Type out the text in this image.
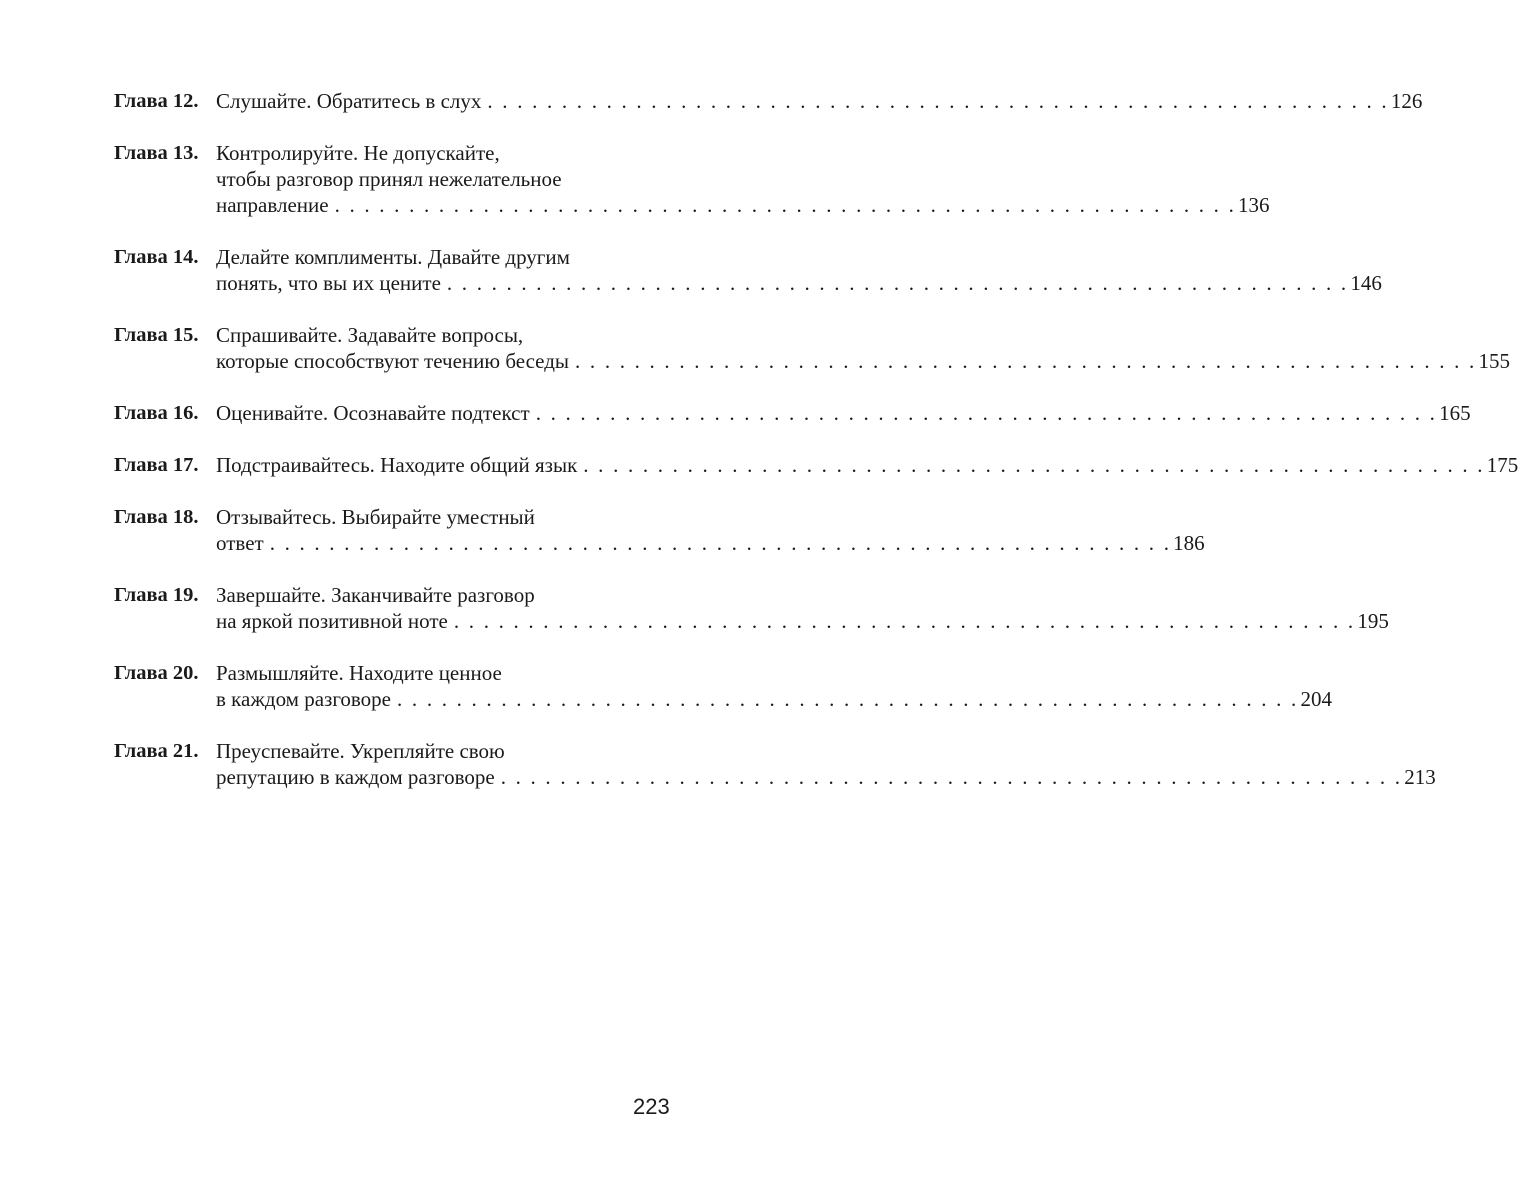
Глава 12. Слушайте. Обратитесь в слух . . . . . . . . . . . . . . . . . . . . . . . . . . . . . . . . . . . . . . . . . . . . . . . . . . . . . . . . . . . . . 126
Глава 13. Контролируйте. Не допускайте,
чтобы разговор принял нежелательное
направление . . . . . . . . . . . . . . . . . . . . . . . . . . . . . . . . . . . . . . . . . . . . . . . . . . . . . . . . . . . . . 136
Глава 14. Делайте комплименты. Давайте другим
понять, что вы их цените . . . . . . . . . . . . . . . . . . . . . . . . . . . . . . . . . . . . . . . . . . . . . . . . . . . . . . . . . . . . . 146
Глава 15. Спрашивайте. Задавайте вопросы,
которые способствуют течению беседы . . . . . . . . . . . . . . . . . . . . . . . . . . . . . . . . . . . . . . . . . . . . . . . . . . . . . . . . . . . . . 155
Глава 16. Оценивайте. Осознавайте подтекст . . . . . . . . . . . . . . . . . . . . . . . . . . . . . . . . . . . . . . . . . . . . . . . . . . . . . . . . . . . . . 165
Глава 17. Подстраивайтесь. Находите общий язык . . . . . . . . . . . . . . . . . . . . . . . . . . . . . . . . . . . . . . . . . . . . . . . . . . . . . . . . . . . . . 175
Глава 18. Отзывайтесь. Выбирайте уместный
ответ . . . . . . . . . . . . . . . . . . . . . . . . . . . . . . . . . . . . . . . . . . . . . . . . . . . . . . . . . . . . . 186
Глава 19. Завершайте. Заканчивайте разговор
на яркой позитивной ноте . . . . . . . . . . . . . . . . . . . . . . . . . . . . . . . . . . . . . . . . . . . . . . . . . . . . . . . . . . . . . 195
Глава 20. Размышляйте. Находите ценное
в каждом разговоре . . . . . . . . . . . . . . . . . . . . . . . . . . . . . . . . . . . . . . . . . . . . . . . . . . . . . . . . . . . . . 204
Глава 21. Преуспевайте. Укрепляйте свою
репутацию в каждом разговоре . . . . . . . . . . . . . . . . . . . . . . . . . . . . . . . . . . . . . . . . . . . . . . . . . . . . . . . . . . . . . 213
223
